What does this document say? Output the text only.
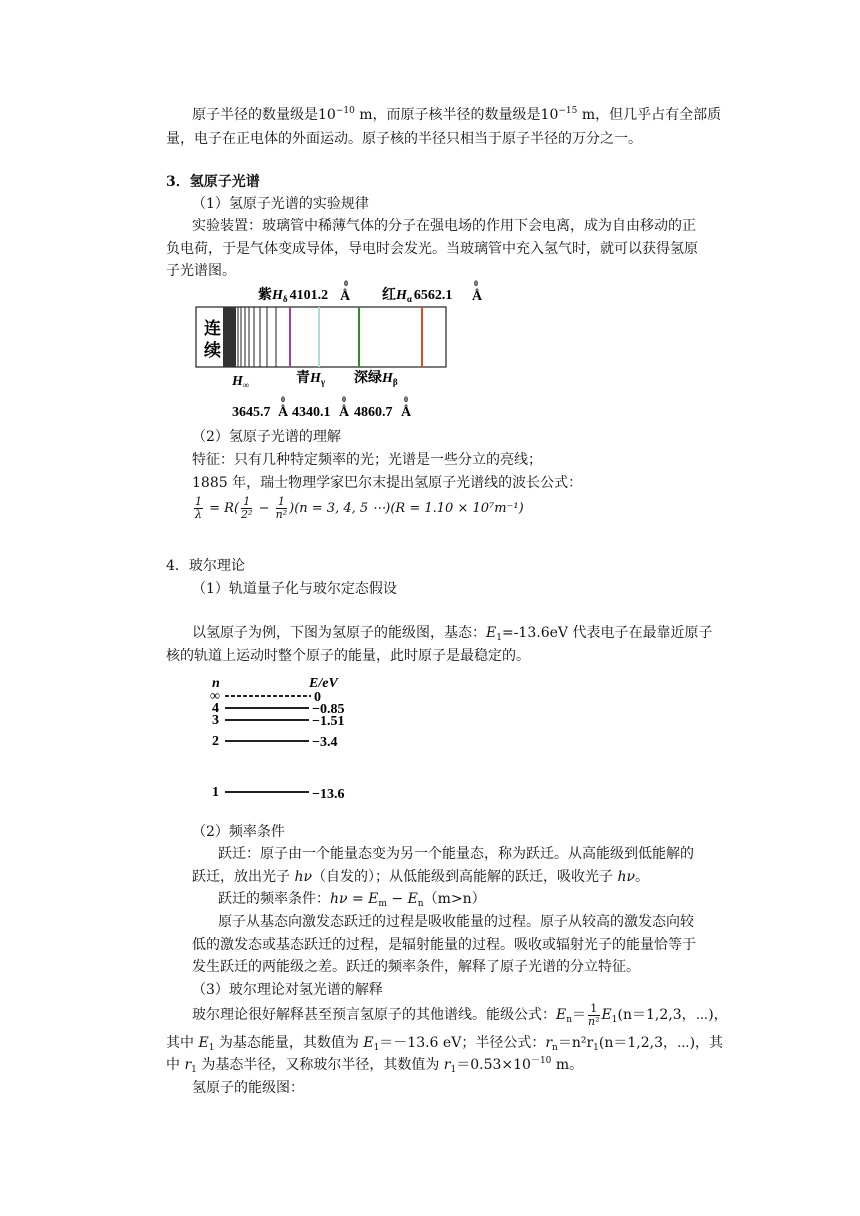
原子半径的数量级是$10^{-10}$ m，而原子核半径的数量级是$10^{-15}$ m，但几乎占有全部质
量，电子在正电体的外面运动。原子核的半径只相当于原子半径的万分之一。
3．氢原子光谱
（1）氢原子光谱的实验规律
实验装置：玻璃管中稀薄气体的分子在强电场的作用下会电离，成为自由移动的正
负电荷，于是气体变成导体，导电时会发光。当玻璃管中充入氢气时，就可以获得氢原
子光谱图。
紫$H_\delta$ 4101.2 Å
0
红$H_\alpha$ 6562.1 Å
0
连
续
$H_\infty$	青$H_\gamma$ 深绿$H_\beta$
3645.7 Å
0
4340.1 Å
0
4860.7 Å
0
（2）氢原子光谱的理解
特征：只有几种特定频率的光；光谱是一些分立的亮线；
1885 年，瑞士物理学家巴尔末提出氢原子光谱线的波长公式：
$\frac{1}{\lambda} = R( \frac{1}{\text{2²}} - \frac{1}{\text{n²}} )(n = 3$, 4, 5 ⋯)(R = 1.10 × 10⁷m⁻¹)
4．玻尔理论
（1）轨道量子化与玻尔定态假设
以氢原子为例，下图为氢原子的能级图，基态：$E_1=-13.6eV$ 代表电子在最靠近原子
核的轨道上运动时整个原子的能量，此时原子是最稳定的。
n	E/eV
∞	0
4	−0.85
3	−1.51
2	−3.4
1	−13.6
（2）频率条件
跃迁：原子由一个能量态变为另一个能量态，称为跃迁。从高能级到低能解的
跃迁，放出光子 hν（自发的）；从低能级到高能解的跃迁，吸收光子 hν。
跃迁的频率条件：$h\nu = E_m - E_n(m>n)$
原子从基态向激发态跃迁的过程是吸收能量的过程。原子从较高的激发态向较
低的激发态或基态跃迁的过程，是辐射能量的过程。吸收或辐射光子的能量恰等于
发生跃迁的两能级之差。跃迁的频率条件，解释了原子光谱的分立特征。
（3）玻尔理论对氢光谱的解释
玻尔理论很好解释甚至预言氢原子的其他谱线。能级公式：$E_n= \frac{1}{\text{n²}} E_1(n=1,2,3$，⋯)，
其中 $E_1$ 为基态能量，其数值为 $E_1=-13.6$ eV；半径公式：$r_n=n^2r_1(n=1,2,3$，⋯)，其
中 $r_1$ 为基态半径，又称玻尔半径，其数值为 $r_1=0.53\times 10^{-10}$ m。
氢原子的能级图：
